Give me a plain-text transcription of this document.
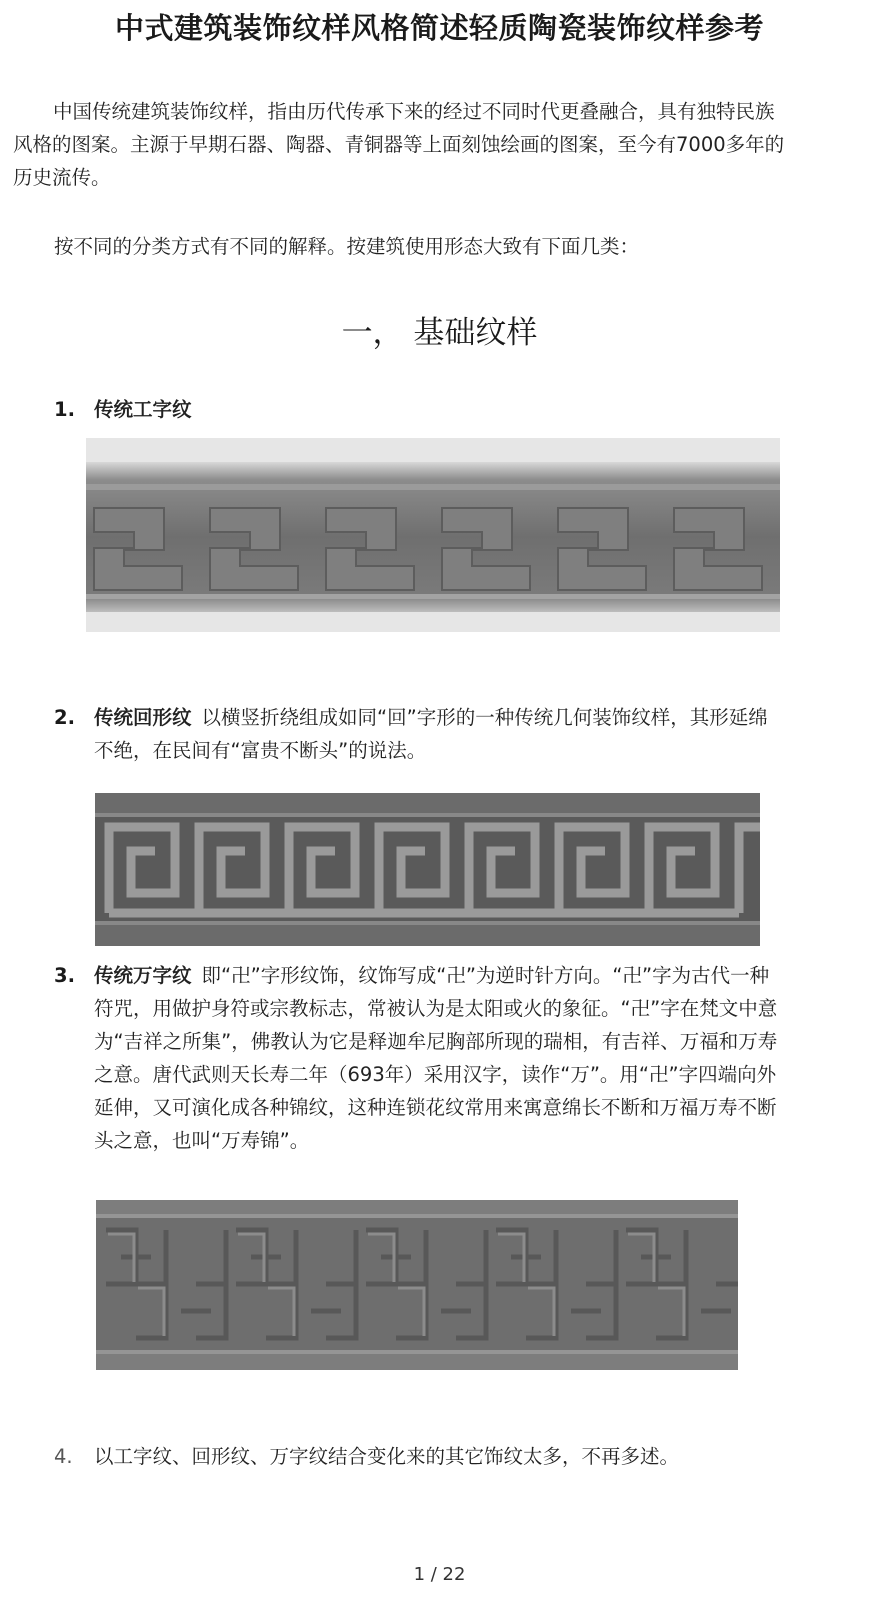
中式建筑装饰纹样风格简述轻质陶瓷装饰纹样参考
中国传统建筑装饰纹样，指由历代传承下来的经过不同时代更叠融合，具有独特民族风格的图案。主源于早期石器、陶器、青铜器等上面刻蚀绘画的图案，至今有7000多年的历史流传。
按不同的分类方式有不同的解释。按建筑使用形态大致有下面几类：
一， 基础纹样
1. 传统工字纹
2. 传统回形纹 以横竖折绕组成如同“回”字形的一种传统几何装饰纹样，其形延绵不绝，在民间有“富贵不断头”的说法。
3. 传统万字纹 即“卍”字形纹饰，纹饰写成“卍”为逆时针方向。“卍”字为古代一种符咒，用做护身符或宗教标志，常被认为是太阳或火的象征。“卍”字在梵文中意为“吉祥之所集”，佛教认为它是释迦牟尼胸部所现的瑞相，有吉祥、万福和万寿之意。唐代武则天长寿二年（693年）采用汉字，读作“万”。用“卍”字四端向外延伸，又可演化成各种锦纹，这种连锁花纹常用来寓意绵长不断和万福万寿不断头之意，也叫“万寿锦”。
4. 以工字纹、回形纹、万字纹结合变化来的其它饰纹太多，不再多述。
1 / 22
